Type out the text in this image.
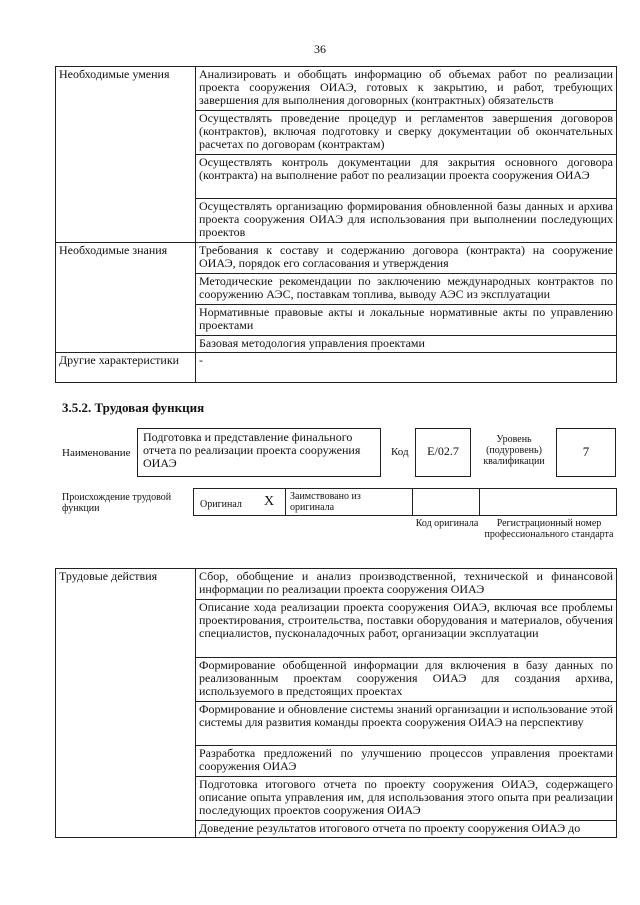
36
Необходимые умения	Анализировать и обобщать информацию об объемах работ по реализации проекта сооружения ОИАЭ, готовых к закрытию, и работ, требующих завершения для выполнения договорных (контрактных) обязательств
	Осуществлять проведение процедур и регламентов завершения договоров (контрактов), включая подготовку и сверку документации об окончательных расчетах по договорам (контрактам)
	Осуществлять контроль документации для закрытия основного договора (контракта) на выполнение работ по реализации проекта сооружения ОИАЭ
	Осуществлять организацию формирования обновленной базы данных и архива проекта сооружения ОИАЭ для использования при выполнении последующих проектов
Необходимые знания	Требования к составу и содержанию договора (контракта) на сооружение ОИАЭ, порядок его согласования и утверждения
	Методические рекомендации по заключению международных контрактов по сооружению АЭС, поставкам топлива, выводу АЭС из эксплуатации
	Нормативные правовые акты и локальные нормативные акты по управлению проектами
	Базовая методология управления проектами
Другие характеристики	-
3.5.2. Трудовая функция
Наименование
Подготовка и представление финального отчета по реализации проекта сооружения ОИАЭ
Код	E/02.7
Уровень (подуровень) квалификации
7
Происхождение трудовой функции	Оригинал X Заимствовано из оригинала
Код оригинала	Регистрационный номер профессионального стандарта
Трудовые действия	Сбор, обобщение и анализ производственной, технической и финансовой информации по реализации проекта сооружения ОИАЭ
Описание хода реализации проекта сооружения ОИАЭ, включая все проблемы проектирования, строительства, поставки оборудования и материалов, обучения специалистов, пусконаладочных работ, организации эксплуатации
Формирование обобщенной информации для включения в базу данных по реализованным проектам сооружения ОИАЭ для создания архива, используемого в предстоящих проектах
Формирование и обновление системы знаний организации и использование этой системы для развития команды проекта сооружения ОИАЭ на перспективу
Разработка предложений по улучшению процессов управления проектами сооружения ОИАЭ
Подготовка итогового отчета по проекту сооружения ОИАЭ, содержащего описание опыта управления им, для использования этого опыта при реализации последующих проектов сооружения ОИАЭ
Доведение результатов итогового отчета по проекту сооружения ОИАЭ до
